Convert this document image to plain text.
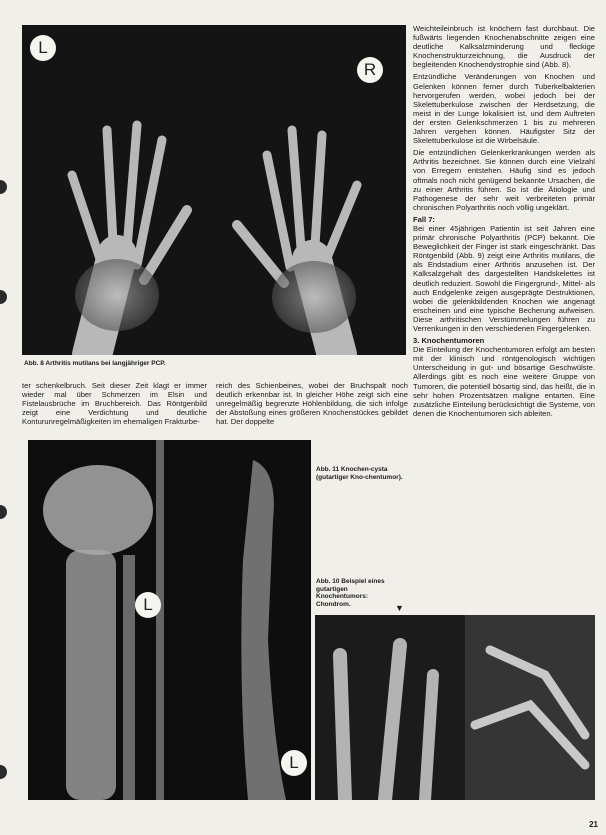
L
R
Abb. 8 Arthritis mutilans bei langjähriger PCP.

ter schenkelbruch. Seit dieser Zeit klagt er immer wieder mal über Schmerzen im Elsin und Fistelausbrüche im Bruchbereich. Das Röntgenbild zeigt eine Verdichtung und deutliche Konturunregelmäßigkeiten im ehemaligen Frakturbe-

reich des Schienbeines, wobei der Bruchspalt noch deutlich erkennbar ist. In gleicher Höhe zeigt sich eine unregelmäßig begrenzte Höhlenbildung, die sich infolge der Abstoßung eines größeren Knochenstückes gebildet hat. Der doppelte

L
L
Abb. 11 Knochen-cysta (gutartiger Kno-chentumor).
Abb. 10 Beispiel eines gutartigen Knochentumors: Chondrom.	▼

Weichteileinbruch ist knöchern fast durchbaut. Die fußwärts liegenden Knochenabschnitte zeigen eine deutliche Kalksalzminderung und fleckige Knochenstrukturzeichnung, die Ausdruck der begleitenden Knochendystrophie sind (Abb. 8).

Entzündliche Veränderungen von Knochen und Gelenken können ferner durch Tuberkelbakterien hervorgerufen werden, wobei jedoch bei der Skelettuberkulose zwischen der Herdsetzung, die meist in der Lunge lokalisiert ist, und dem Auftreten der ersten Gelenkschmerzen 1 bis zu mehreren Jahren vergehen können. Häufigster Sitz der Skelettuberkulose ist die Wirbelsäule.

Die entzündlichen Gelenkerkrankungen werden als Arthritis bezeichnet. Sie können durch eine Vielzahl von Erregern entstehen. Häufig sind es jedoch oftmals noch nicht genügend bekannte Ursachen, die zu einer Arthritis führen. So ist die Ätiologie und Pathogenese der sehr weit verbreiteten primär chronischen Polyarthritis noch völlig ungeklärt.

Fall 7:

Bei einer 45jährigen Patientin ist seit Jahren eine primär chronische Polyarthritis (PCP) bekannt. Die Beweglichkeit der Finger ist stark eingeschränkt. Das Röntgenbild (Abb. 9) zeigt eine Arthritis mutilans, die als Endstadium einer Arthritis anzusehen ist. Der Kalksalzgehalt des dargestellten Handskelettes ist deutlich reduziert. Sowohl die Fingergrund-, Mittel- als auch Endgelenke zeigen ausgeprägte Destruktionen, wobei die gelenkbildenden Knochen wie angenagt erscheinen und eine typische Becherung aufweisen. Diese arthritischen Verstümmelungen führen zu Verrenkungen in den verschiedenen Fingergelenken.

3. Knochentumoren

Die Einteilung der Knochentumoren erfolgt am besten mit der klinisch und röntgenologisch wichtigen Unterscheidung in gut- und bösartige Geschwülste. Allerdings gibt es noch eine weitere Gruppe von Tumoren, die potentiell bösartig sind, das heißt, die in sehr hohen Prozentsätzen maligne entarten. Eine zusätzliche Einteilung berücksichtigt die Systeme, von denen die Knochentumoren sich ableiten.

21
